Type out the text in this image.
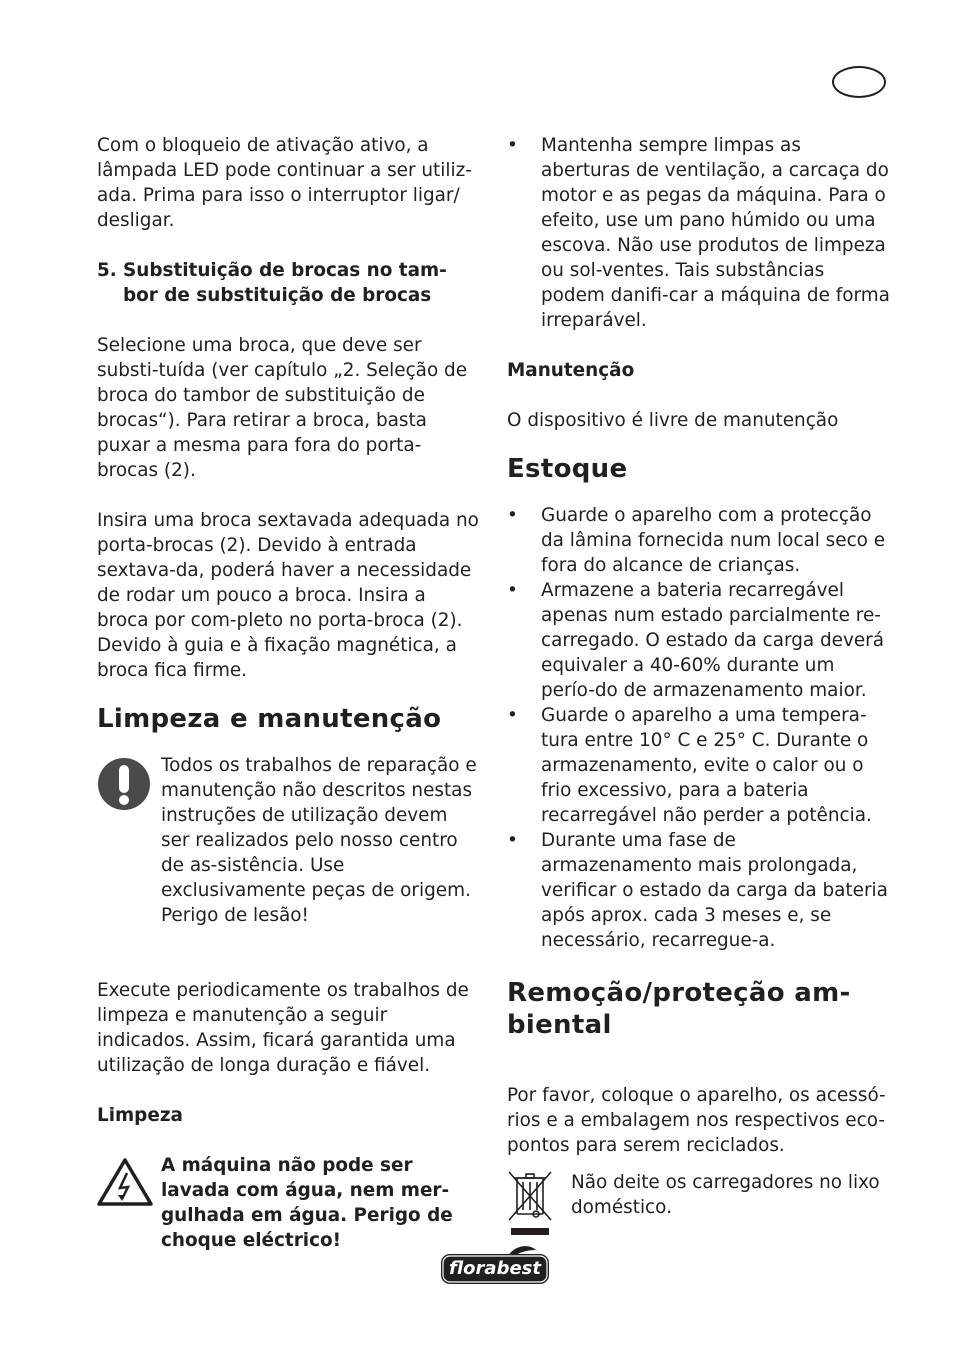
Com o bloqueio de ativação ativo, a lâmpada LED pode continuar a ser utiliz-ada. Prima para isso o interruptor ligar/ desligar.

5. Substituição de brocas no tam-bor de substituição de brocas

Selecione uma broca, que deve ser substi-tuída (ver capítulo „2. Seleção de broca do tambor de substituição de brocas“). Para retirar a broca, basta puxar a mesma para fora do porta-brocas (2).

Insira uma broca sextavada adequada no porta-brocas (2). Devido à entrada sextava-da, poderá haver a necessidade de rodar um pouco a broca. Insira a broca por com-pleto no porta-broca (2). Devido à guia e à fixação magnética, a broca fica firme.

Limpeza e manutenção

Todos os trabalhos de reparação e manutenção não descritos nestas instruções de utilização devem ser realizados pelo nosso centro de as-sistência. Use exclusivamente peças de origem. Perigo de lesão!

Execute periodicamente os trabalhos de limpeza e manutenção a seguir indicados. Assim, ficará garantida uma utilização de longa duração e fiável.

Limpeza

A máquina não pode ser lavada com água, nem mer-gulhada em água. Perigo de choque eléctrico!

• Mantenha sempre limpas as aberturas de ventilação, a carcaça do motor e as pegas da máquina. Para o efeito, use um pano húmido ou uma escova. Não use produtos de limpeza ou sol-ventes. Tais substâncias podem danifi-car a máquina de forma irreparável.

Manutenção

O dispositivo é livre de manutenção

Estoque
• Guarde o aparelho com a protecção da lâmina fornecida num local seco e fora do alcance de crianças.
• Armazene a bateria recarregável apenas num estado parcialmente re-carregado. O estado da carga deverá equivaler a 40-60% durante um perío-do de armazenamento maior.
• Guarde o aparelho a uma tempera-tura entre 10° C e 25° C. Durante o armazenamento, evite o calor ou o frio excessivo, para a bateria recarregável não perder a potência.
• Durante uma fase de armazenamento mais prolongada, verificar o estado da carga da bateria após aprox. cada 3 meses e, se necessário, recarregue-a.
Remoção/proteção am-biental

Por favor, coloque o aparelho, os acessó-rios e a embalagem nos respectivos eco-pontos para serem reciclados.

Não deite os carregadores no lixo doméstico.

florabest
